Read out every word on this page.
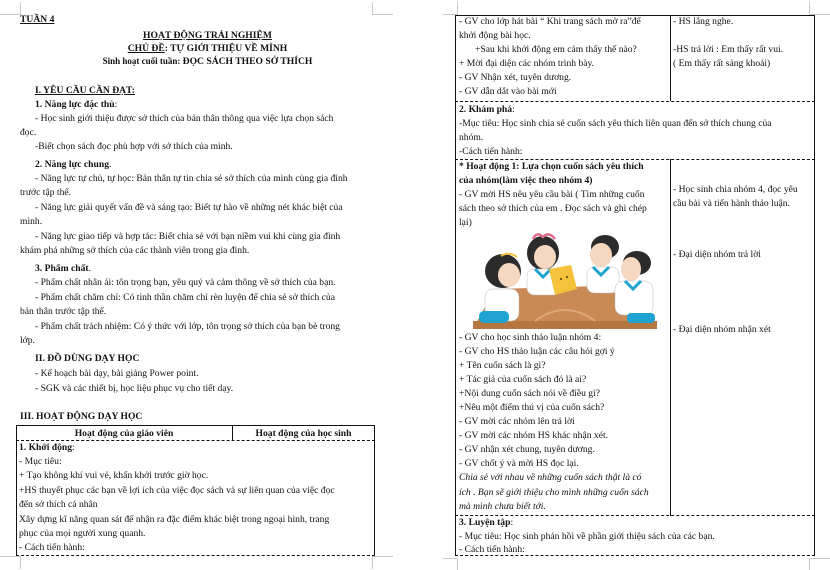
TUẦN 4
HOẠT ĐỘNG TRẢI NGHIỆM
CHỦ ĐỀ: TỰ GIỚI THIỆU VỀ MÌNH
Sinh hoạt cuối tuần: ĐỌC SÁCH THEO SỞ THÍCH
I. YÊU CẦU CẦN ĐẠT:
1. Năng lực đặc thù:
- Học sinh giới thiệu được sở thích của bản thân thông qua việc lựa chọn sách
đọc.
-Biết chọn sách đọc phù hợp với sở thích của mình.
2. Năng lực chung.
- Năng lực tự chủ, tự học: Bản thân tự tin chia sẻ sở thích của mình cùng gia đình
trước tập thể.
- Năng lực giải quyết vấn đề và sáng tạo: Biết tự hào về những nét khác biệt của
mình.
- Năng lực giao tiếp và hợp tác: Biết chia sẻ với bạn niềm vui khi cùng gia đình
khám phá những sở thích của các thành viên trong gia đình.
3. Phẩm chất.
- Phẩm chất nhân ái: tôn trọng bạn, yêu quý và cảm thông về sở thích của bạn.
- Phẩm chất chăm chỉ: Có tinh thần chăm chỉ rèn luyện để chia sẻ sở thích của
bản thân trước tập thể.
- Phẩm chất trách nhiệm: Có ý thức với lớp, tôn trọng sở thích của bạn bè trong
lớp.
II. ĐỒ DÙNG DẠY HỌC
- Kế hoạch bài dạy, bài giảng Power point.
- SGK và các thiết bị, học liệu phục vụ cho tiết dạy.
III. HOẠT ĐỘNG DẠY HỌC
Hoạt động của giáo viên	Hoạt động của học sinh
1. Khởi động:
- Mục tiêu:
+ Tạo không khí vui vẻ, khấn khởi trước giờ học.
+HS thuyết phục các bạn về lợi ích của việc đọc sách và sự liên quan của việc đọc
đến sở thích cá nhân
Xây dựng kĩ năng quan sát để nhận ra đặc điểm khác biệt trong ngoại hình, trang
phục của mọi người xung quanh.
- Cách tiến hành:
- GV cho lớp hát bài “ Khi trang sách mở ra”để
khởi động bài học.
+Sau khi khởi động em cảm thấy thế nào?
+ Mời đại diện các nhóm trình bày.
- GV Nhận xét, tuyên dương.
- GV dẫn dắt vào bài mới
- HS lắng nghe.
-HS trả lời : Em thấy rất vui.
( Em thấy rất sảng khoái)
2. Khám phá:
-Mục tiêu: Học sinh chia sẻ cuốn sách yêu thích liên quan đến sở thích chung của
nhóm.
-Cách tiến hành:
* Hoạt động 1: Lựa chọn cuốn sách yêu thích
của nhóm(làm việc theo nhóm 4)
- GV mời HS nêu yêu cầu bài ( Tìm những cuốn
sách theo sở thích của em . Đọc sách và ghi chép
lại)
- GV cho học sinh thảo luận nhóm 4:
- GV cho HS thảo luận các câu hỏi gợi ý
+ Tên cuốn sách là gì?
+ Tác giả của cuốn sách đó là ai?
+Nội dung cuốn sách nói về điều gì?
+Nêu một điểm thú vị của cuốn sách?
- GV mời các nhóm lên trả lời
- GV mời các nhóm HS khác nhận xét.
- GV nhận xét chung, tuyên dương.
- GV chốt ý và mời HS đọc lại.
Chia sẻ với nhau về những cuốn sách thật là có
ích . Bạn sẽ giới thiệu cho mình những cuốn sách
mà mình chưa biết tới.
- Học sinh chia nhóm 4, đọc yêu
cầu bài và tiến hành thảo luận.
- Đại diện nhóm trả lời
- Đại diện nhóm nhận xét
3. Luyện tập:
- Mục tiêu: Học sinh phản hồi về phần giới thiệu sách của các bạn.
- Cách tiến hành:
